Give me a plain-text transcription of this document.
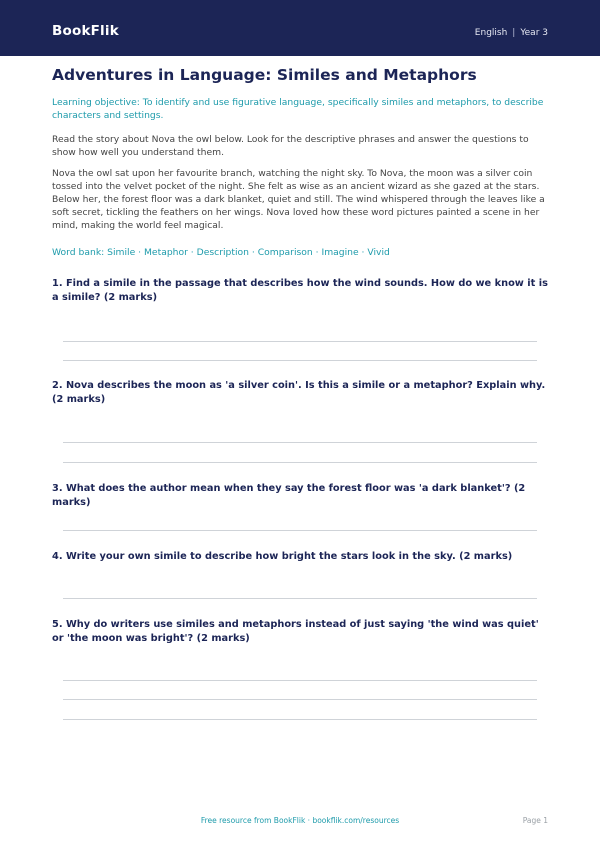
BookFlik	English | Year 3
Adventures in Language: Similes and Metaphors

Learning objective: To identify and use figurative language, specifically similes and metaphors, to describe characters and settings.

Read the story about Nova the owl below. Look for the descriptive phrases and answer the questions to show how well you understand them.

Nova the owl sat upon her favourite branch, watching the night sky. To Nova, the moon was a silver coin tossed into the velvet pocket of the night. She felt as wise as an ancient wizard as she gazed at the stars. Below her, the forest floor was a dark blanket, quiet and still. The wind whispered through the leaves like a soft secret, tickling the feathers on her wings. Nova loved how these word pictures painted a scene in her mind, making the world feel magical.

Word bank: Simile · Metaphor · Description · Comparison · Imagine · Vivid

1. Find a simile in the passage that describes how the wind sounds. How do we know it is a simile? (2 marks)

2. Nova describes the moon as 'a silver coin'. Is this a simile or a metaphor? Explain why. (2 marks)

3. What does the author mean when they say the forest floor was 'a dark blanket'? (2 marks)

4. Write your own simile to describe how bright the stars look in the sky. (2 marks)

5. Why do writers use similes and metaphors instead of just saying 'the wind was quiet' or 'the moon was bright'? (2 marks)

Free resource from BookFlik · bookflik.com/resources	Page 1
